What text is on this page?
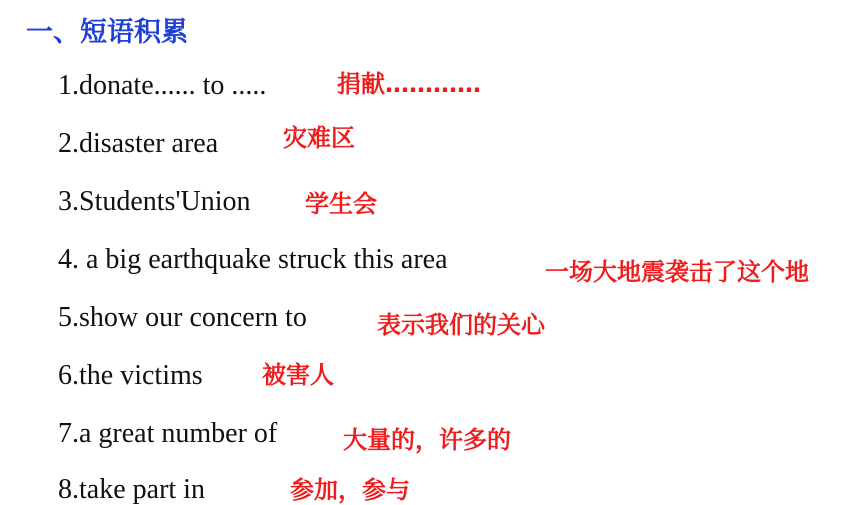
一、短语积累
1.donate...... to .....	捐献…………
2.disaster area	灾难区
3.Students'Union 学生会
4. a big earthquake struck this area	一场大地震袭击了这个地
5.show our concern to	表示我们的关心
6.the victims 被害人
7.a great number of	大量的，许多的
8.take part in	参加，参与
